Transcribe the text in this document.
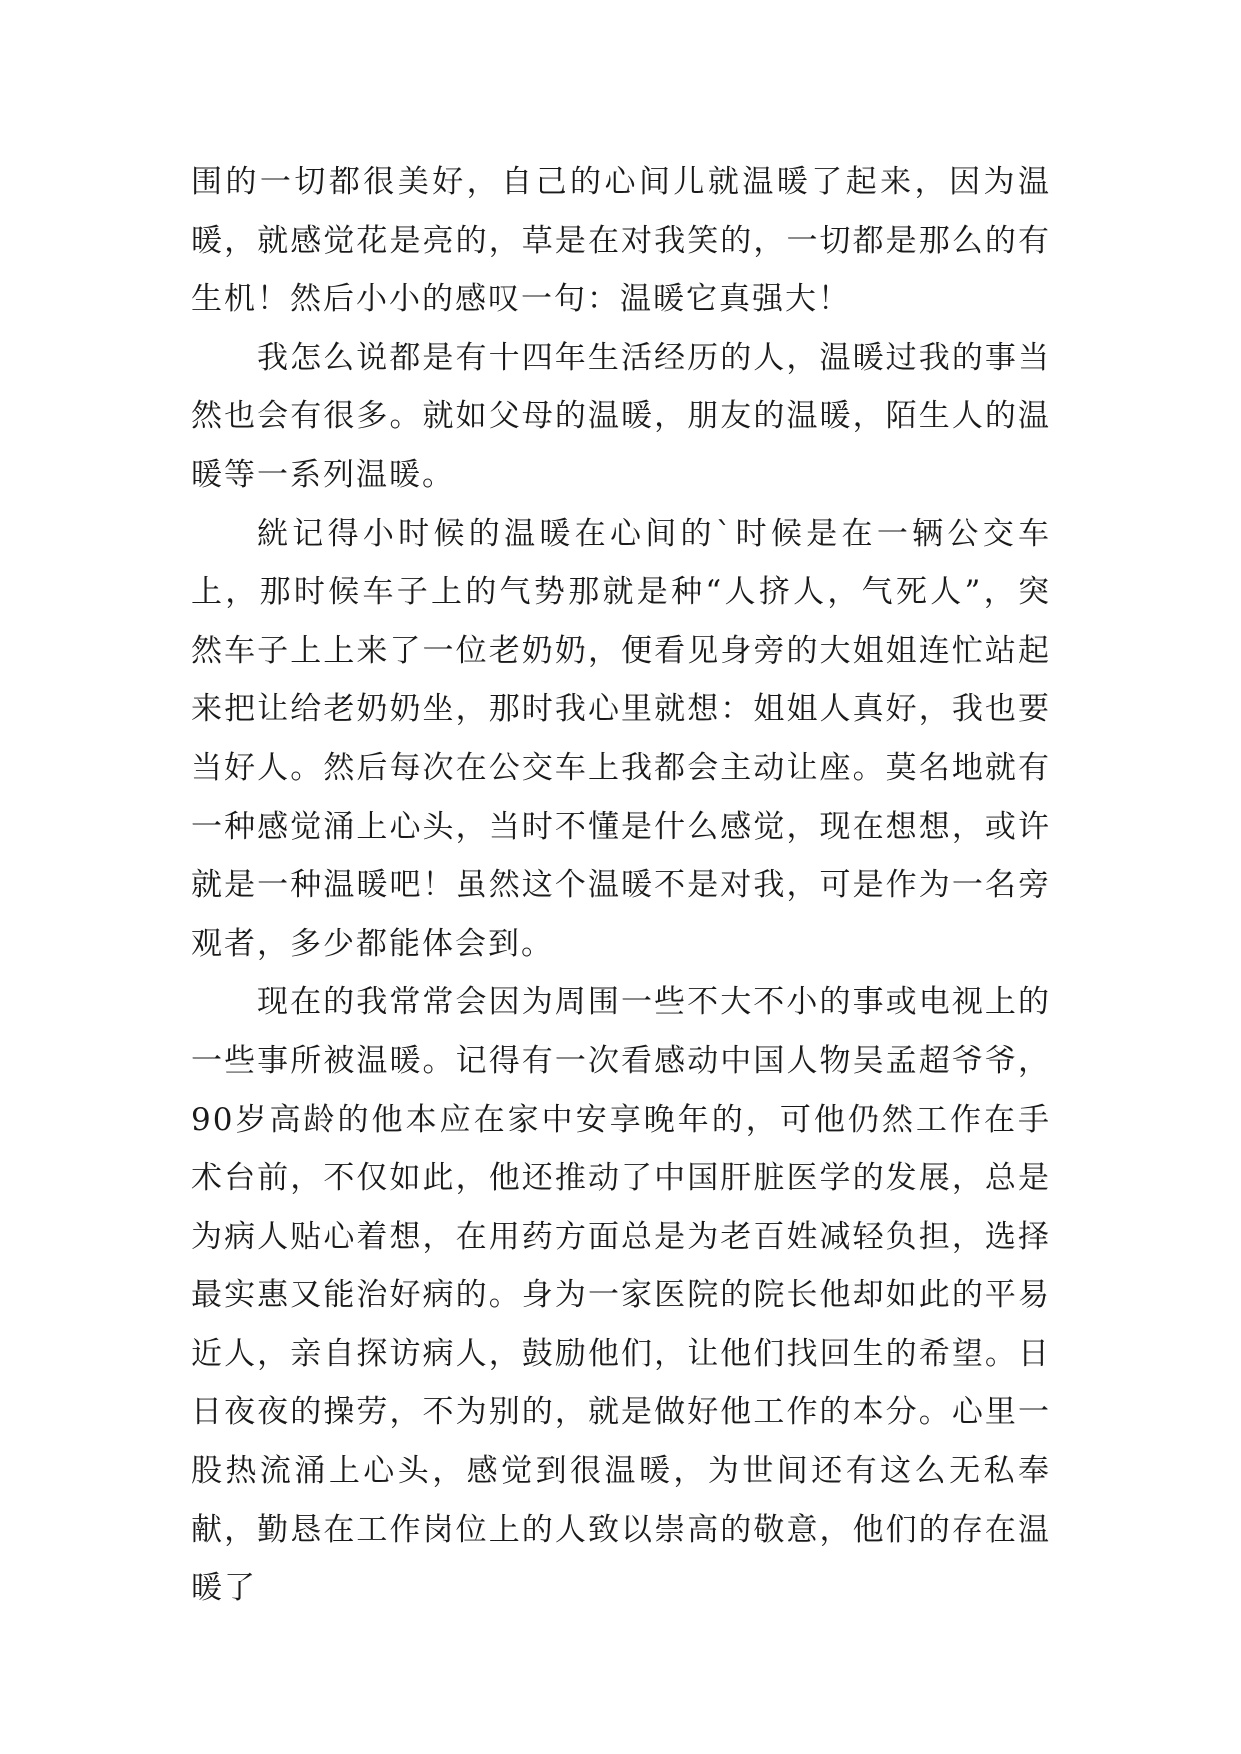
围的一切都很美好，自己的心间儿就温暖了起来，因为温暖，就感觉花是亮的，草是在对我笑的，一切都是那么的有生机！然后小小的感叹一句：温暖它真强大！

我怎么说都是有十四年生活经历的人，温暖过我的事当然也会有很多。就如父母的温暖，朋友的温暖，陌生人的温暖等一系列温暖。

絖记得小时候的温暖在心间的`时候是在一辆公交车上，那时候车子上的气势那就是种“人挤人，气死人”，突然车子上上来了一位老奶奶，便看见身旁的大姐姐连忙站起来把让给老奶奶坐，那时我心里就想：姐姐人真好，我也要当好人。然后每次在公交车上我都会主动让座。莫名地就有一种感觉涌上心头，当时不懂是什么感觉，现在想想，或许就是一种温暖吧！虽然这个温暖不是对我，可是作为一名旁观者，多少都能体会到。

现在的我常常会因为周围一些不大不小的事或电视上的一些事所被温暖。记得有一次看感动中国人物吴孟超爷爷，90岁高龄的他本应在家中安享晚年的，可他仍然工作在手术台前，不仅如此，他还推动了中国肝脏医学的发展，总是为病人贴心着想，在用药方面总是为老百姓减轻负担，选择最实惠又能治好病的。身为一家医院的院长他却如此的平易近人，亲自探访病人，鼓励他们，让他们找回生的希望。日日夜夜的操劳，不为别的，就是做好他工作的本分。心里一股热流涌上心头，感觉到很温暖，为世间还有这么无私奉献，勤恳在工作岗位上的人致以崇高的敬意，他们的存在温暖了
